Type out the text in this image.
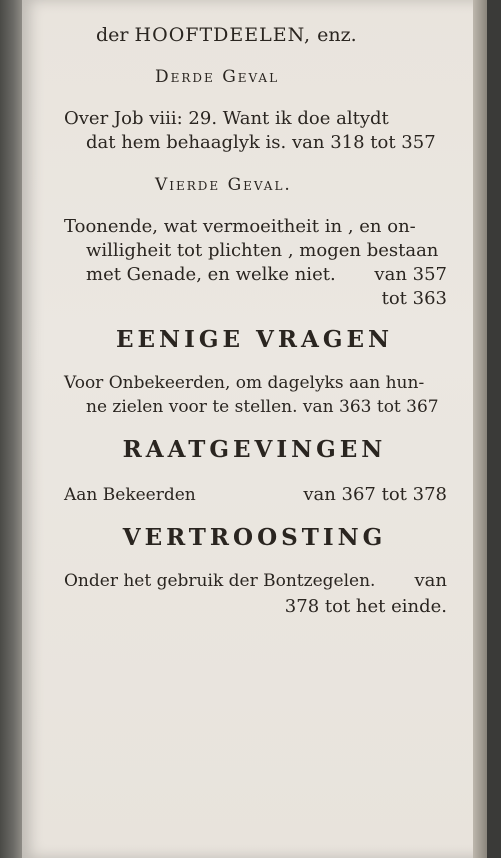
der HOOFTDEELEN, enz.
Derde Geval
Over Job viii: 29. Want ik doe altydt
dat hem behaaglyk is. van 318 tot 357
Vierde Geval.
Toonende, wat vermoeitheit in , en on-
willigheit tot plichten , mogen bestaan
met Genade, en welke niet. van 357
tot 363
EENIGE VRAGEN
Voor Onbekeerden, om dagelyks aan hun-
ne zielen voor te stellen. van 363 tot 367
RAATGEVINGEN
Aan Bekeerden	van 367 tot 378
VERTROOSTING
Onder het gebruik der Bontzegelen. van
378 tot het einde.
